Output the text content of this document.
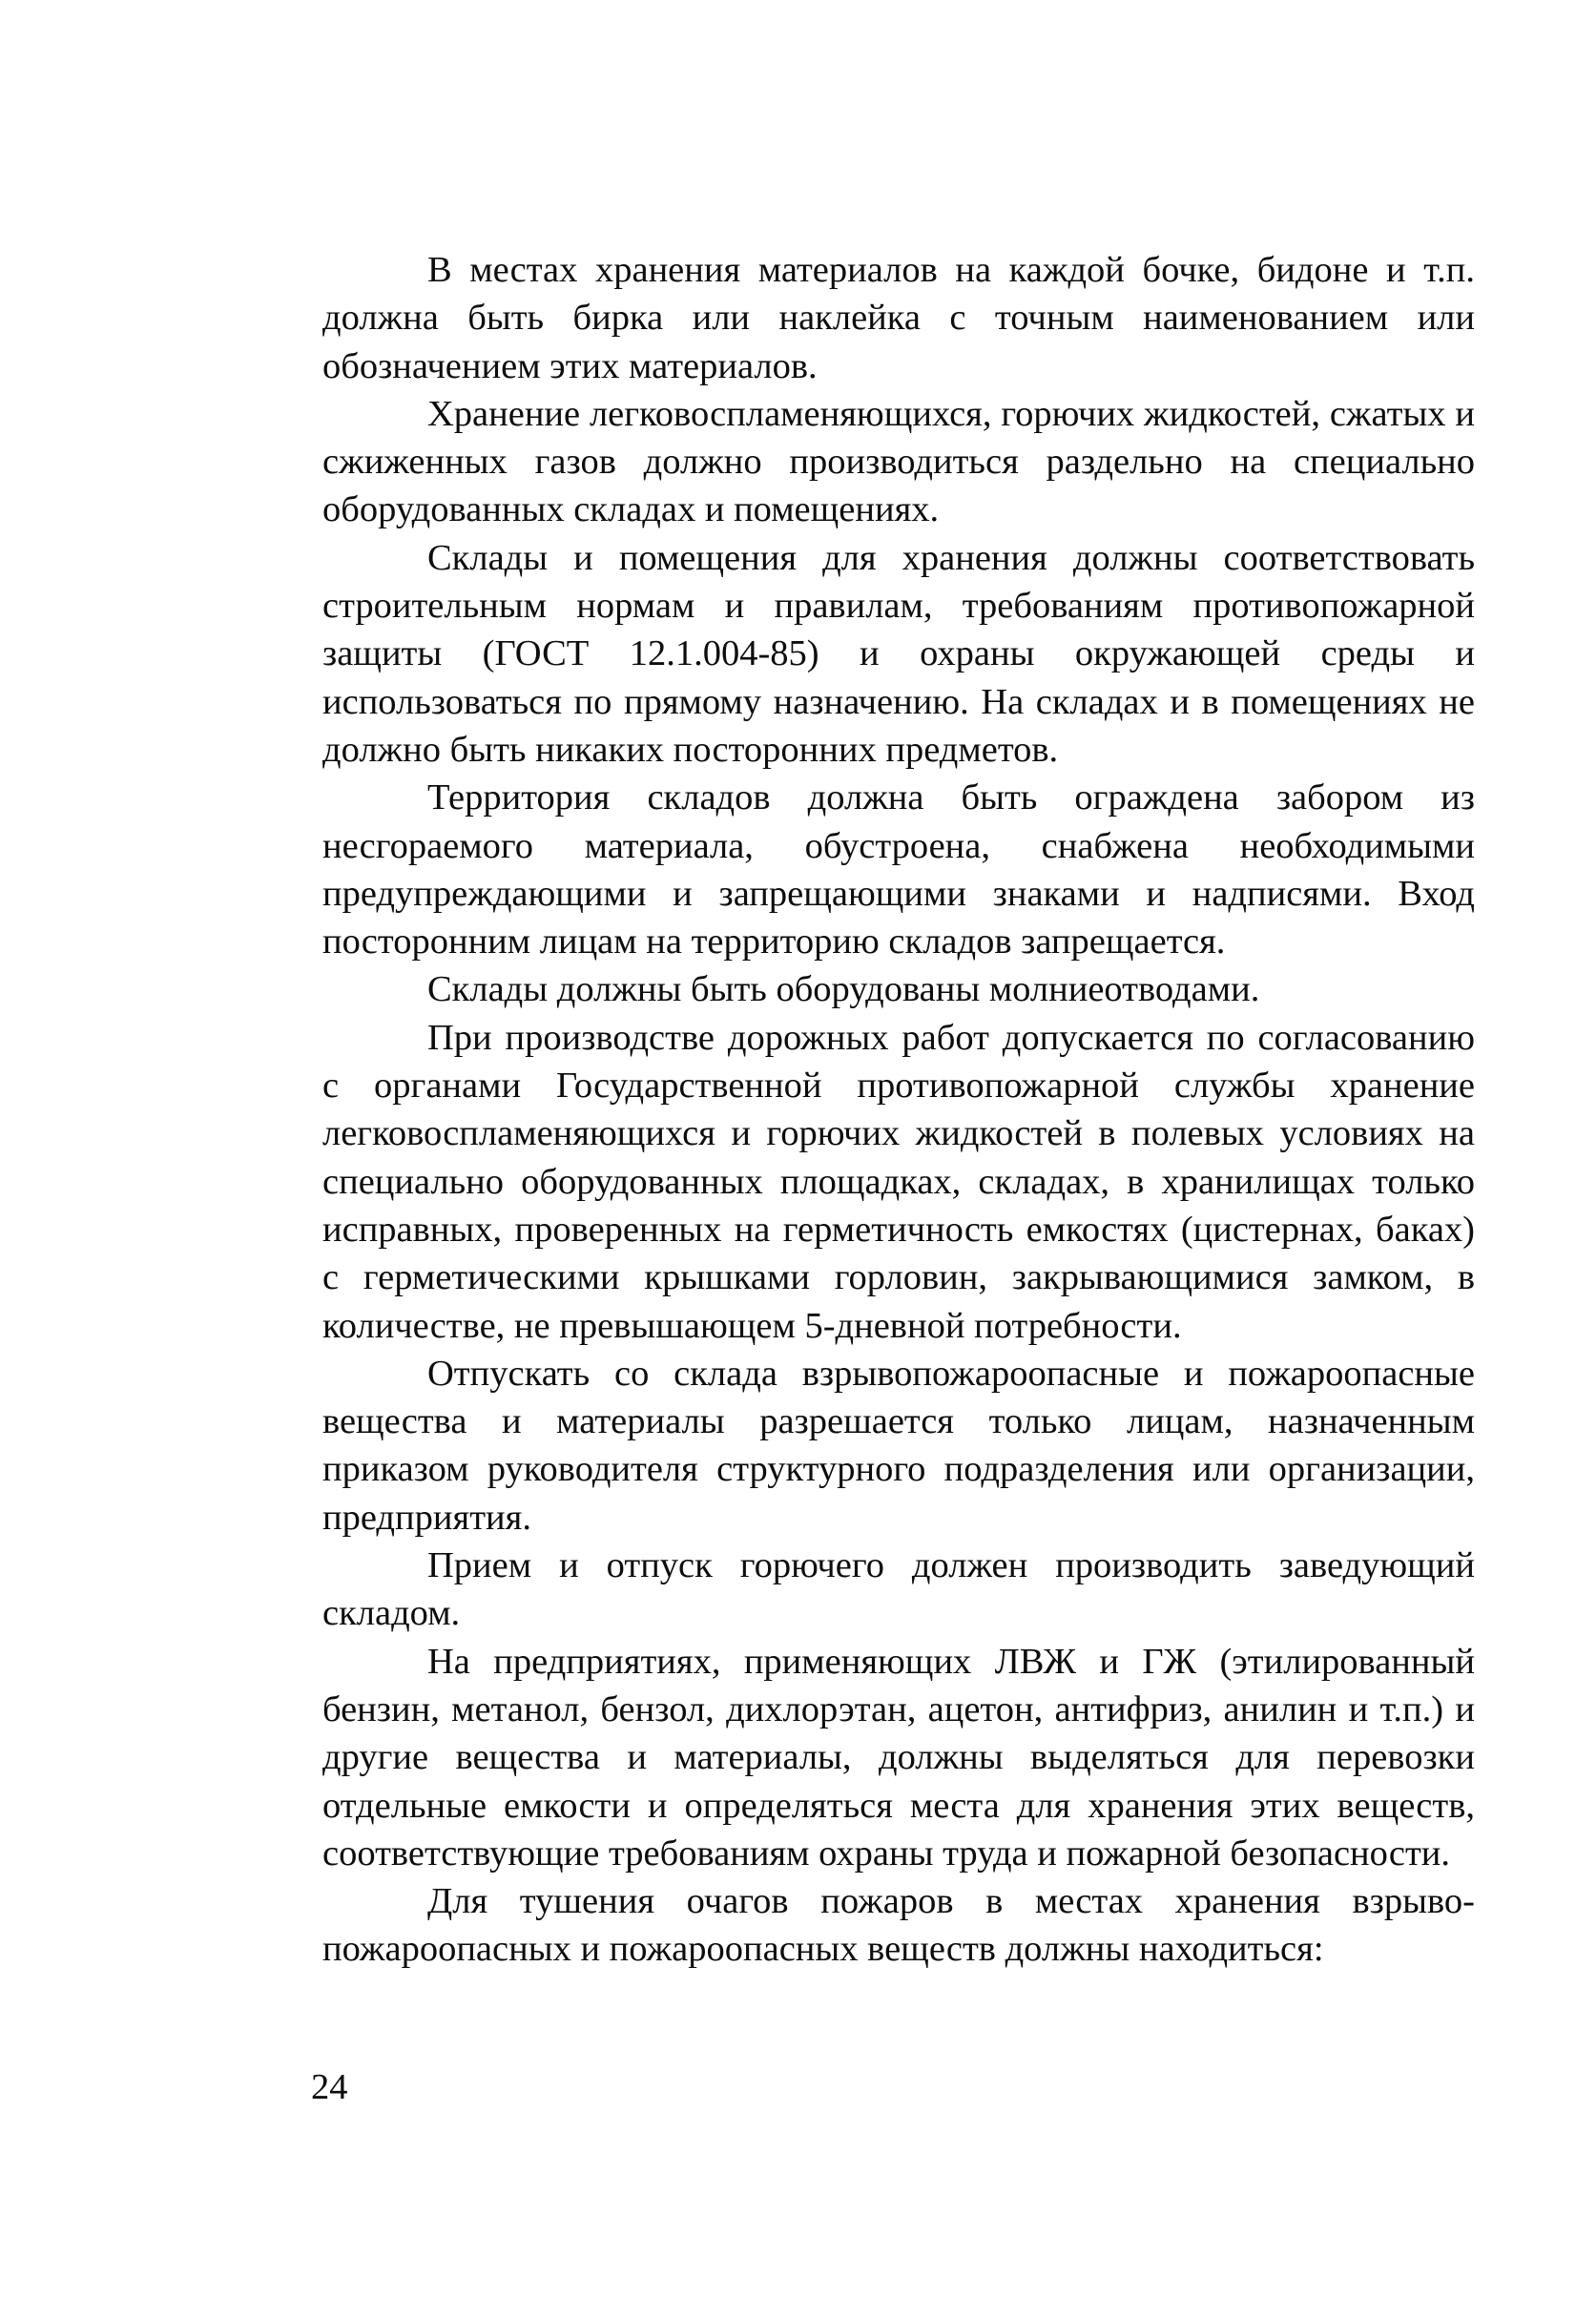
В местах хранения материалов на каждой бочке, бидоне и т.п. должна быть бирка или наклейка с точным наименованием или обозначением этих материалов.

Хранение легковоспламеняющихся, горючих жидкостей, сжатых и сжиженных газов должно производиться раздельно на специально оборудованных складах и помещениях.

Склады и помещения для хранения должны соответствовать строительным нормам и правилам, требованиям противопожарной защиты (ГОСТ 12.1.004-85) и охраны окружающей среды и использоваться по прямому назначению. На складах и в помещениях не должно быть никаких посторонних предметов.

Территория складов должна быть ограждена забором из несгораемого материала, обустроена, снабжена необходимыми предупреждающими и запрещающими знаками и надписями. Вход посторонним лицам на территорию складов запрещается.

Склады должны быть оборудованы молниеотводами.

При производстве дорожных работ допускается по согласованию с органами Государственной противопожарной службы хранение легковоспламеняющихся и горючих жидкостей в полевых условиях на специально оборудованных площадках, складах, в хранилищах только исправных, проверенных на герметичность емкостях (цистернах, баках) с герметическими крышками горловин, закрывающимися замком, в количестве, не превышающем 5-дневной потребности.

Отпускать со склада взрывопожароопасные и пожароопасные вещества и материалы разрешается только лицам, назначенным приказом руководителя структурного подразделения или организации, предприятия.

Прием и отпуск горючего должен производить заведующий складом.

На предприятиях, применяющих ЛВЖ и ГЖ (этилированный бензин, метанол, бензол, дихлорэтан, ацетон, антифриз, анилин и т.п.) и другие вещества и материалы, должны выделяться для перевозки отдельные емкости и определяться места для хранения этих веществ, соответствующие требованиям охраны труда и пожарной безопасности.

Для тушения очагов пожаров в местах хранения взрывопожароопасных и пожароопасных веществ должны находиться:

24
